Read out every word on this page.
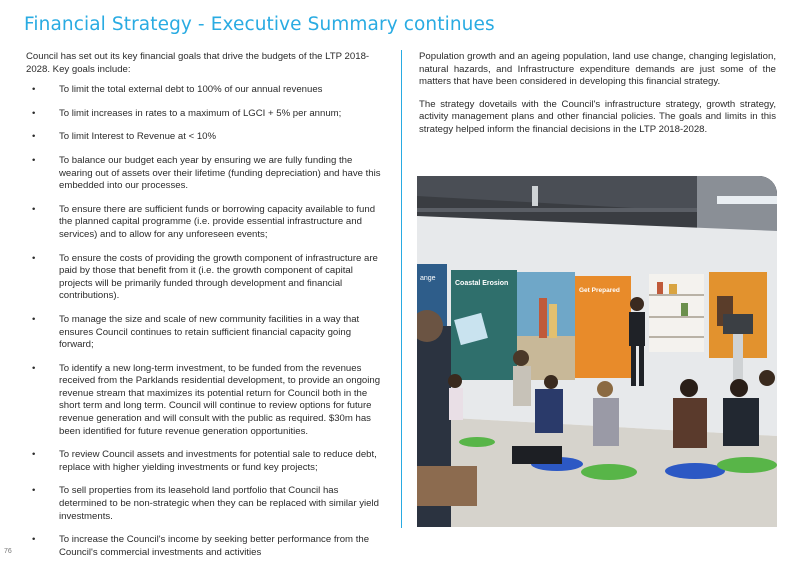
Financial Strategy - Executive Summary continues

Council has set out its key financial goals that drive the budgets of the LTP 2018-2028. Key goals include:

• To limit the total external debt to 100% of our annual revenues
• To limit increases in rates to a maximum of LGCI + 5% per annum;
• To limit Interest to Revenue at < 10%
• To balance our budget each year by ensuring we are fully funding the wearing out of assets over their lifetime (funding depreciation) and have this embedded into our processes.
• To ensure there are sufficient funds or borrowing capacity available to fund the planned capital programme (i.e. provide essential infrastructure and services) and to allow for any unforeseen events;
• To ensure the costs of providing the growth component of infrastructure are paid by those that benefit from it (i.e. the growth component of capital projects will be primarily funded through development and financial contributions).
• To manage the size and scale of new community facilities in a way that ensures Council continues to retain sufficient financial capacity going forward;
• To identify a new long-term investment, to be funded from the revenues received from the Parklands residential development, to provide an ongoing revenue stream that maximizes its potential return for Council both in the short term and long term. Council will continue to review options for future revenue generation and will consult with the public as required. $30m has been identified for future revenue generation opportunities.
• To review Council assets and investments for potential sale to reduce debt, replace with higher yielding investments or fund key projects;
• To sell properties from its leasehold land portfolio that Council has determined to be non-strategic when they can be replaced with similar yield investments.
• To increase the Council's income by seeking better performance from the Council's commercial investments and activities

Population growth and an ageing population, land use change, changing legislation, natural hazards, and Infrastructure expenditure demands are just some of the matters that have been considered in developing this financial strategy.

The strategy dovetails with the Council's infrastructure strategy, growth strategy, activity management plans and other financial policies. The goals and limits in this strategy helped inform the financial decisions in the LTP 2018-2028.

ange
Coastal Erosion
Get Prepared
76
